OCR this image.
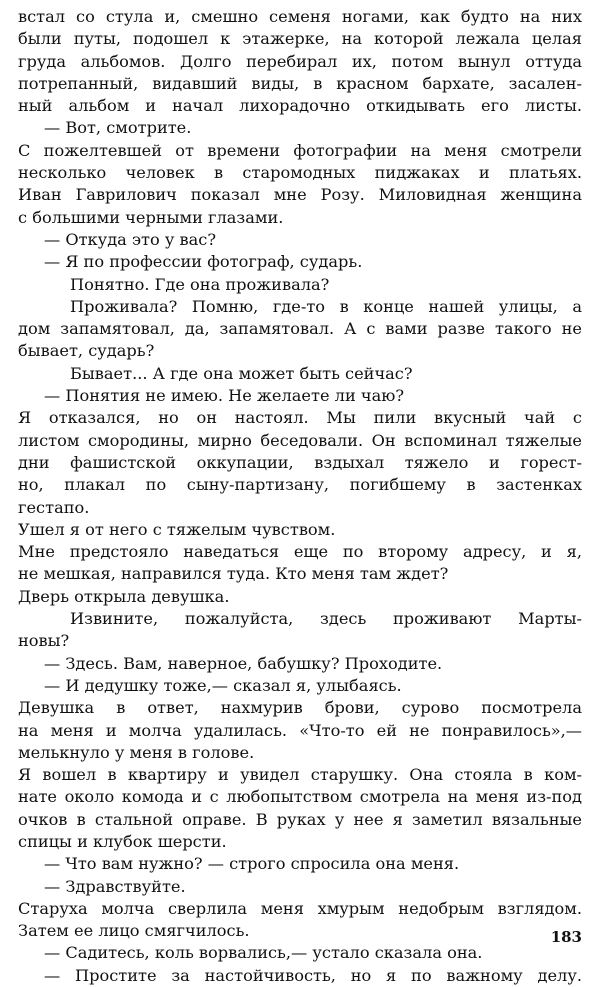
встал со стула и, смешно семеня ногами, как будто на них
были путы, подошел к этажерке, на которой лежала целая
груда альбомов. Долго перебирал их, потом вынул оттуда
потрепанный, видавший виды, в красном бархате, засален-
ный альбом и начал лихорадочно откидывать его листы.
— Вот, смотрите.
С пожелтевшей от времени фотографии на меня смотрели
несколько человек в старомодных пиджаках и платьях.
Иван Гаврилович показал мне Розу. Миловидная женщина
с большими черными глазами.
— Откуда это у вас?
— Я по профессии фотограф, сударь.
Понятно. Где она проживала?
Проживала? Помню, где-то в конце нашей улицы, а
дом запамятовал, да, запамятовал. А с вами разве такого не
бывает, сударь?
Бывает... А где она может быть сейчас?
— Понятия не имею. Не желаете ли чаю?
Я отказался, но он настоял. Мы пили вкусный чай с
листом смородины, мирно беседовали. Он вспоминал тяжелые
дни фашистской оккупации, вздыхал тяжело и горест-
но, плакал по сыну-партизану, погибшему в застенках
гестапо.
Ушел я от него с тяжелым чувством.
Мне предстояло наведаться еще по второму адресу, и я,
не мешкая, направился туда. Кто меня там ждет?
Дверь открыла девушка.
Извините, пожалуйста, здесь проживают Марты-
новы?
— Здесь. Вам, наверное, бабушку? Проходите.
— И дедушку тоже,— сказал я, улыбаясь.
Девушка в ответ, нахмурив брови, сурово посмотрела
на меня и молча удалилась. «Что-то ей не понравилось»,—
мелькнуло у меня в голове.
Я вошел в квартиру и увидел старушку. Она стояла в ком-
нате около комода и с любопытством смотрела на меня из-под
очков в стальной оправе. В руках у нее я заметил вязальные
спицы и клубок шерсти.
— Что вам нужно? — строго спросила она меня.
— Здравствуйте.
Старуха молча сверлила меня хмурым недобрым взглядом.
Затем ее лицо смягчилось.
— Садитесь, коль ворвались,— устало сказала она.
— Простите за настойчивость, но я по важному делу.
183
